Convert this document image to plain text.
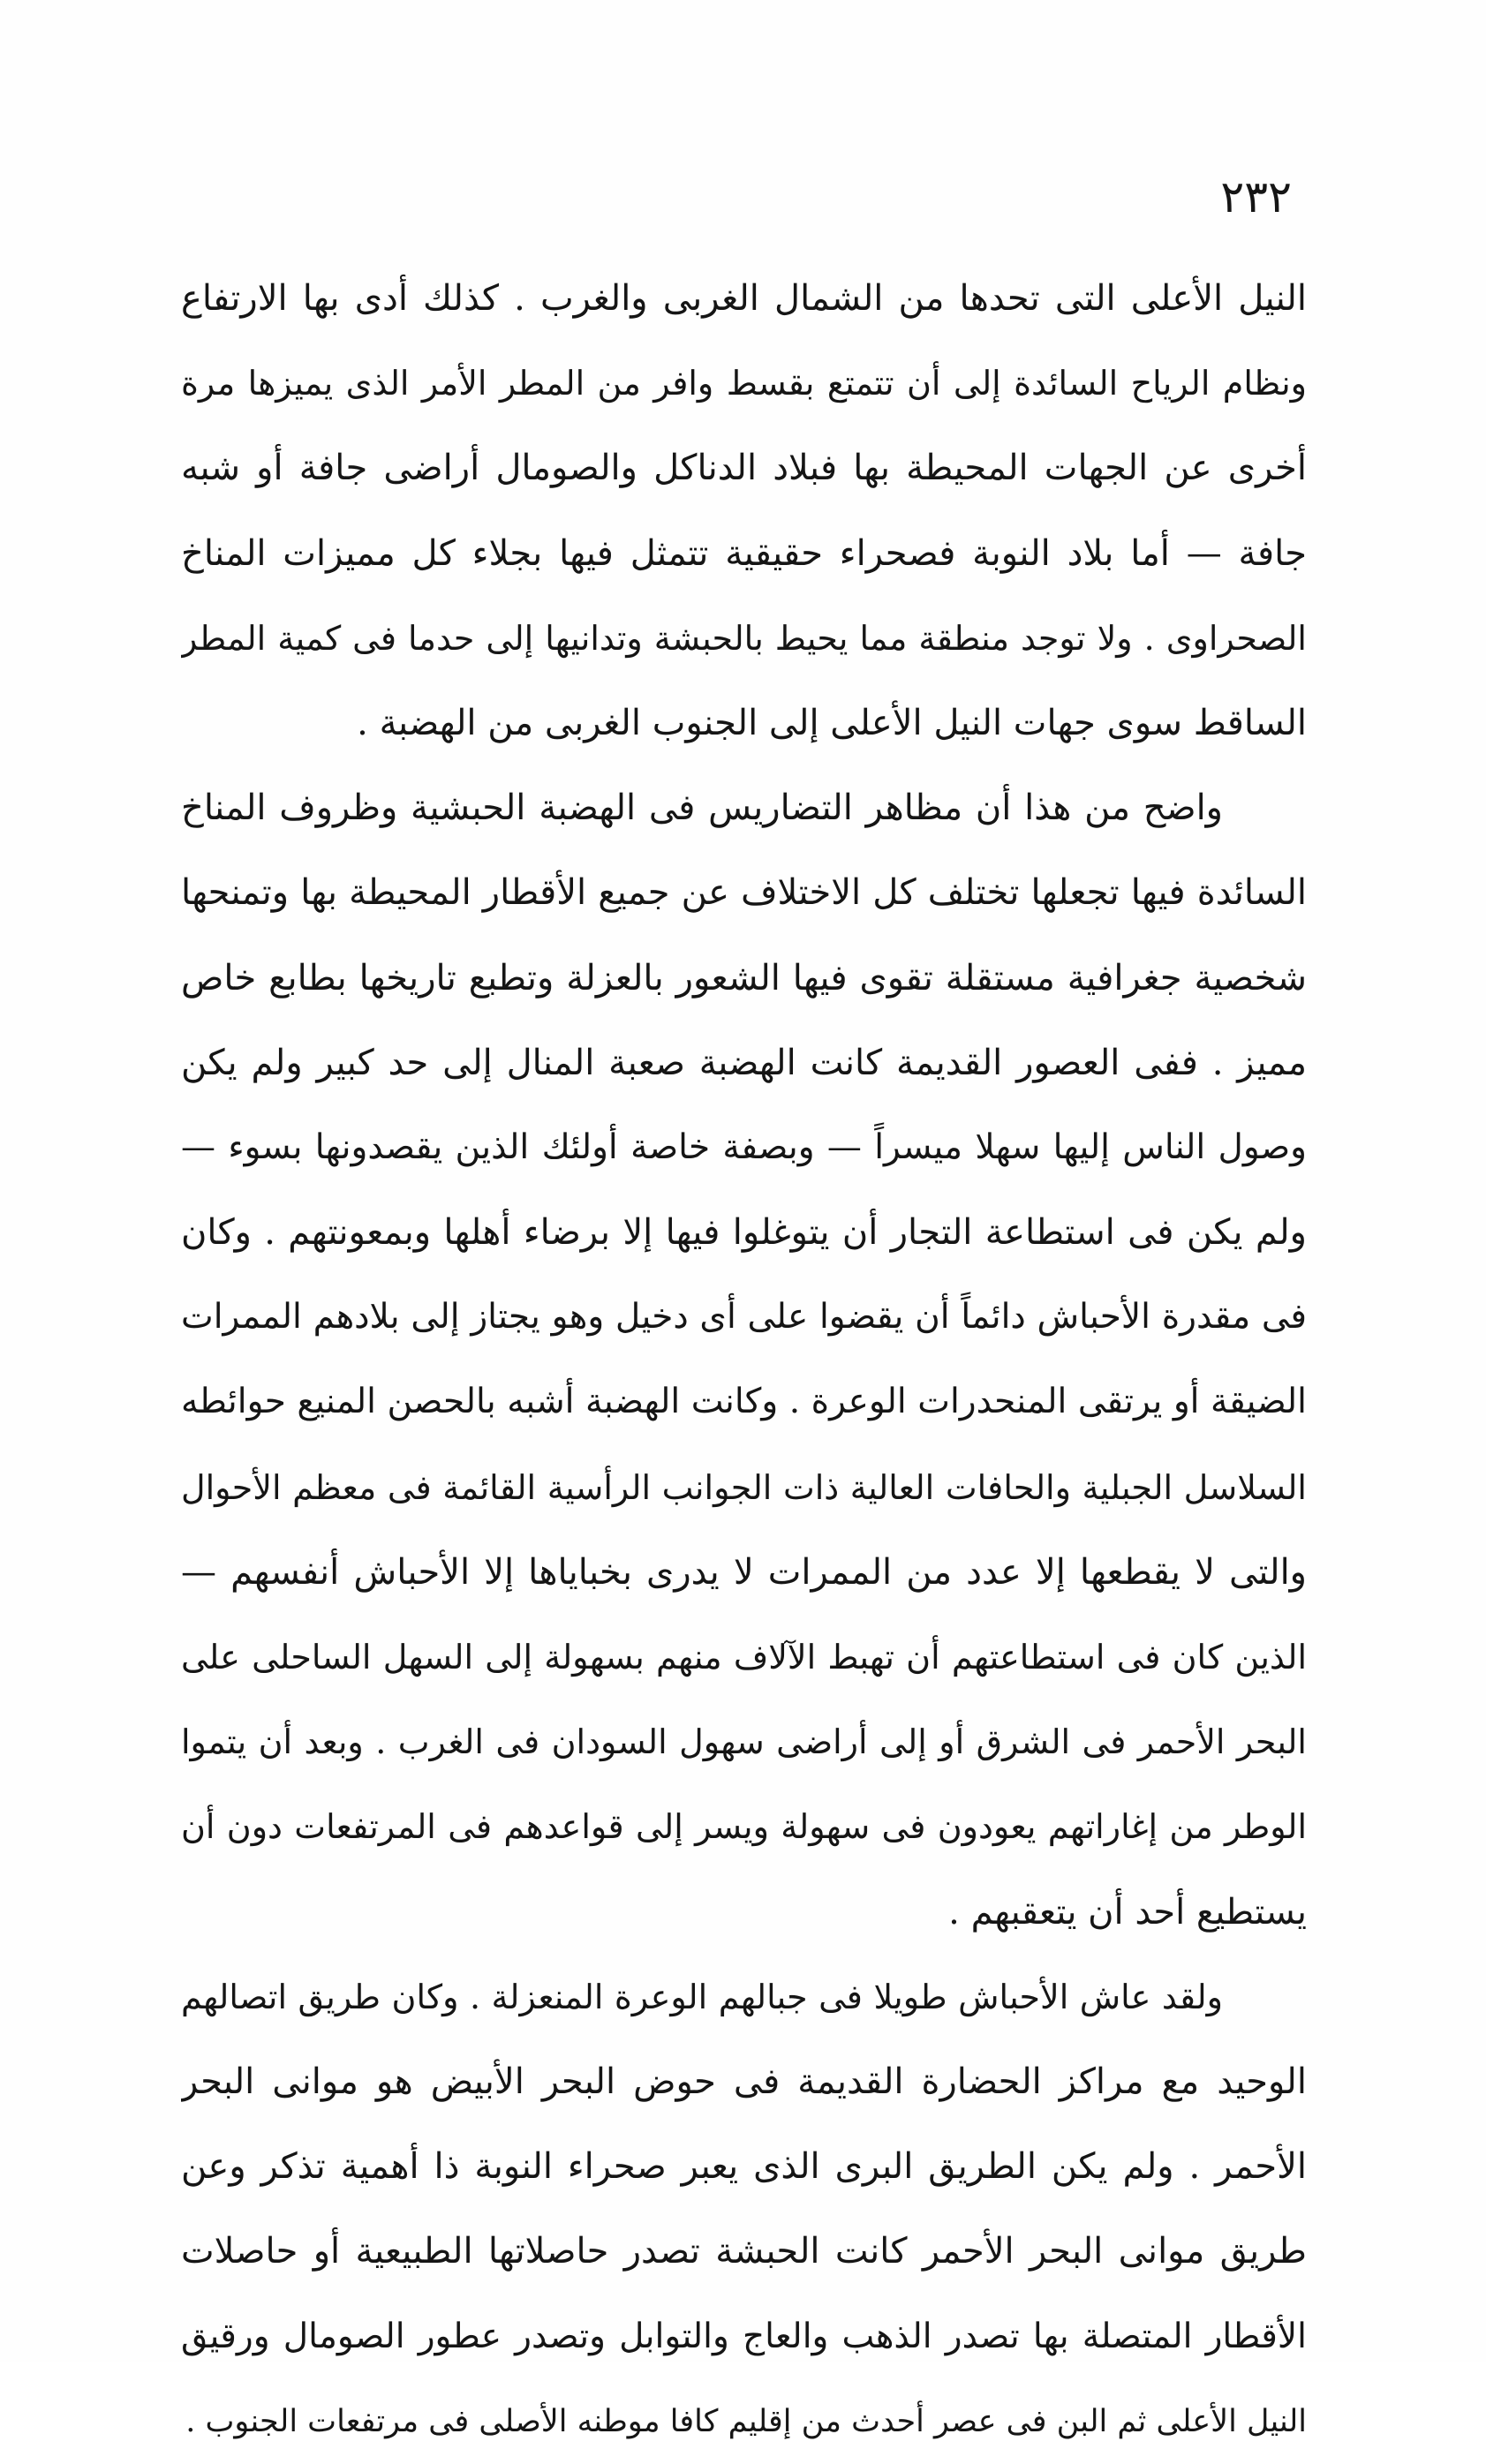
٢٣٢

النيل الأعلى التى تحدها من الشمال الغربى والغرب . كذلك أدى بها الارتفاع
ونظام الرياح السائدة إلى أن تتمتع بقسط وافر من المطر الأمر الذى يميزها مرة
أخرى عن الجهات المحيطة بها فبلاد الدناكل والصومال أراضى جافة أو شبه
جافة — أما بلاد النوبة فصحراء حقيقية تتمثل فيها بجلاء كل مميزات المناخ
الصحراوى . ولا توجد منطقة مما يحيط بالحبشة وتدانيها إلى حدما فى كمية المطر
الساقط سوى جهات النيل الأعلى إلى الجنوب الغربى من الهضبة .

واضح من هذا أن مظاهر التضاريس فى الهضبة الحبشية وظروف المناخ
السائدة فيها تجعلها تختلف كل الاختلاف عن جميع الأقطار المحيطة بها وتمنحها
شخصية جغرافية مستقلة تقوى فيها الشعور بالعزلة وتطبع تاريخها بطابع خاص
مميز . ففى العصور القديمة كانت الهضبة صعبة المنال إلى حد كبير ولم يكن
وصول الناس إليها سهلا ميسراً — وبصفة خاصة أولئك الذين يقصدونها بسوء —
ولم يكن فى استطاعة التجار أن يتوغلوا فيها إلا برضاء أهلها وبمعونتهم . وكان
فى مقدرة الأحباش دائماً أن يقضوا على أى دخيل وهو يجتاز إلى بلادهم الممرات
الضيقة أو يرتقى المنحدرات الوعرة . وكانت الهضبة أشبه بالحصن المنيع حوائطه
السلاسل الجبلية والحافات العالية ذات الجوانب الرأسية القائمة فى معظم الأحوال
والتى لا يقطعها إلا عدد من الممرات لا يدرى بخباياها إلا الأحباش أنفسهم —
الذين كان فى استطاعتهم أن تهبط الآلاف منهم بسهولة إلى السهل الساحلى على
البحر الأحمر فى الشرق أو إلى أراضى سهول السودان فى الغرب . وبعد أن يتموا
الوطر من إغاراتهم يعودون فى سهولة ويسر إلى قواعدهم فى المرتفعات دون أن
يستطيع أحد أن يتعقبهم .

ولقد عاش الأحباش طويلا فى جبالهم الوعرة المنعزلة . وكان طريق اتصالهم
الوحيد مع مراكز الحضارة القديمة فى حوض البحر الأبيض هو موانى البحر
الأحمر . ولم يكن الطريق البرى الذى يعبر صحراء النوبة ذا أهمية تذكر وعن
طريق موانى البحر الأحمر كانت الحبشة تصدر حاصلاتها الطبيعية أو حاصلات
الأقطار المتصلة بها تصدر الذهب والعاج والتوابل وتصدر عطور الصومال ورقيق
النيل الأعلى ثم البن فى عصر أحدث من إقليم كافا موطنه الأصلى فى مرتفعات الجنوب .
